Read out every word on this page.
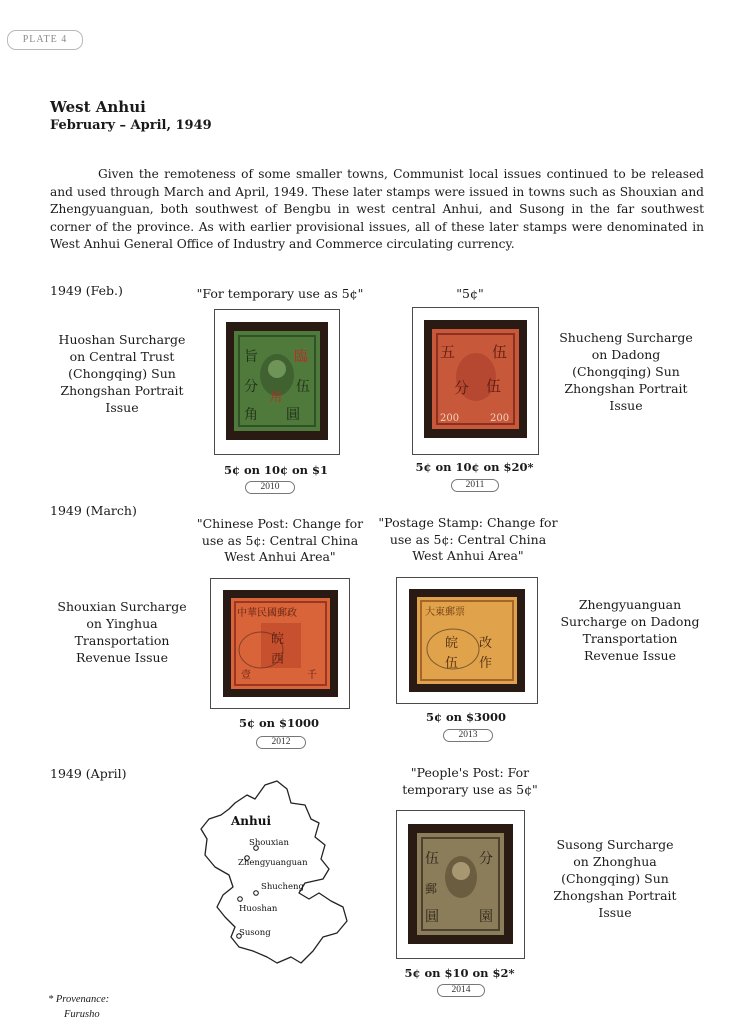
PLATE 4
West Anhui
February – April, 1949
Given the remoteness of some smaller towns, Communist local issues continued to be released and used through March and April, 1949. These later stamps were issued in towns such as Shouxian and Zhengyuanguan, both southwest of Bengbu in west central Anhui, and Susong in the far southwest corner of the province. As with earlier provisional issues, all of these later stamps were denominated in West Anhui General Office of Industry and Commerce circulating currency.
1949 (Feb.)	"For temporary use as 5¢"
Huoshan Surcharge on Central Trust (Chongqing) Sun Zhongshan Portrait Issue
旨
分
臨
伍
角 圓
用
5¢ on 10¢ on $1
2010
"5¢"
Shucheng Surcharge on Dadong (Chongqing) Sun Zhongshan Portrait Issue
五 伍
分 伍
200	200
5¢ on 10¢ on $20*
2011
1949 (March)
"Chinese Post: Change for use as 5¢: Central China West Anhui Area"
Shouxian Surcharge on Yinghua Transportation Revenue Issue
中華民國郵政
皖
西
壹	千
5¢ on $1000
2012
"Postage Stamp: Change for use as 5¢: Central China West Anhui Area"
Zhengyuanguan Surcharge on Dadong Transportation Revenue Issue
大東郵票
改
作
皖
伍
5¢ on $3000
2013
1949 (April)
Anhui
Shouxian
Zhengyuanguan
Shucheng
Huoshan
Susong
"People's Post: For temporary use as 5¢"
Susong Surcharge on Zhonghua (Chongqing) Sun Zhongshan Portrait Issue
伍	分
圓	園
郵
5¢ on $10 on $2*
2014
* Provenance:
Furusho
